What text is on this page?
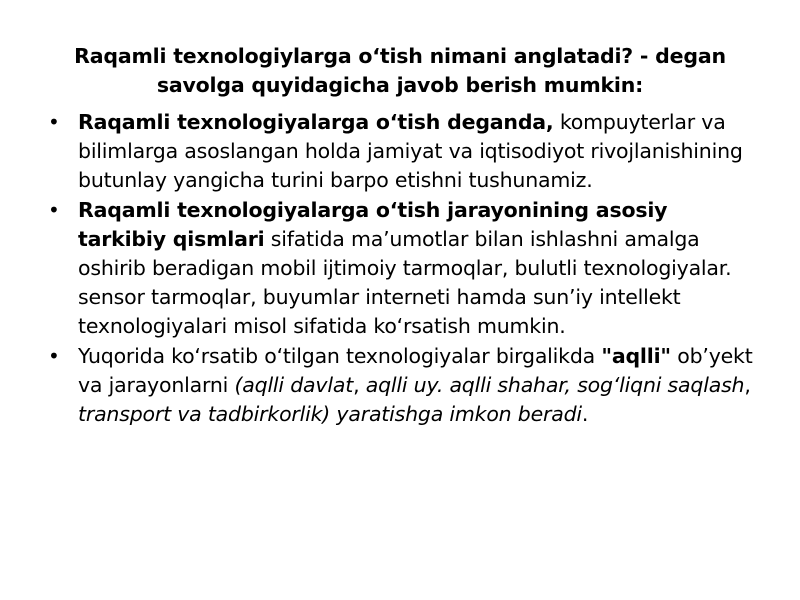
Raqamli texnologiylarga o‘tish nimani anglatadi? - degan
savolga quyidagicha javob berish mumkin:
• Raqamli texnologiyalarga o‘tish deganda, kompuyterlar va bilimlarga asoslangan holda jamiyat va iqtisodiyot rivojlanishining butunlay yangicha turini barpo etishni tushunamiz.
• Raqamli texnologiyalarga o‘tish jarayonining asosiy tarkibiy qismlari sifatida ma’umotlar bilan ishlashni amalga oshirib beradigan mobil ijtimoiy tarmoqlar, bulutli texnologiyalar. sensor tarmoqlar, buyumlar interneti hamda sun’iy intellekt texnologiyalari misol sifatida ko‘rsatish mumkin.
• Yuqorida ko‘rsatib o‘tilgan texnologiyalar birgalikda "aqlli" ob’yekt va jarayonlarni (aqlli davlat, aqlli uy. aqlli shahar, sog‘liqni saqlash, transport va tadbirkorlik) yaratishga imkon beradi.
